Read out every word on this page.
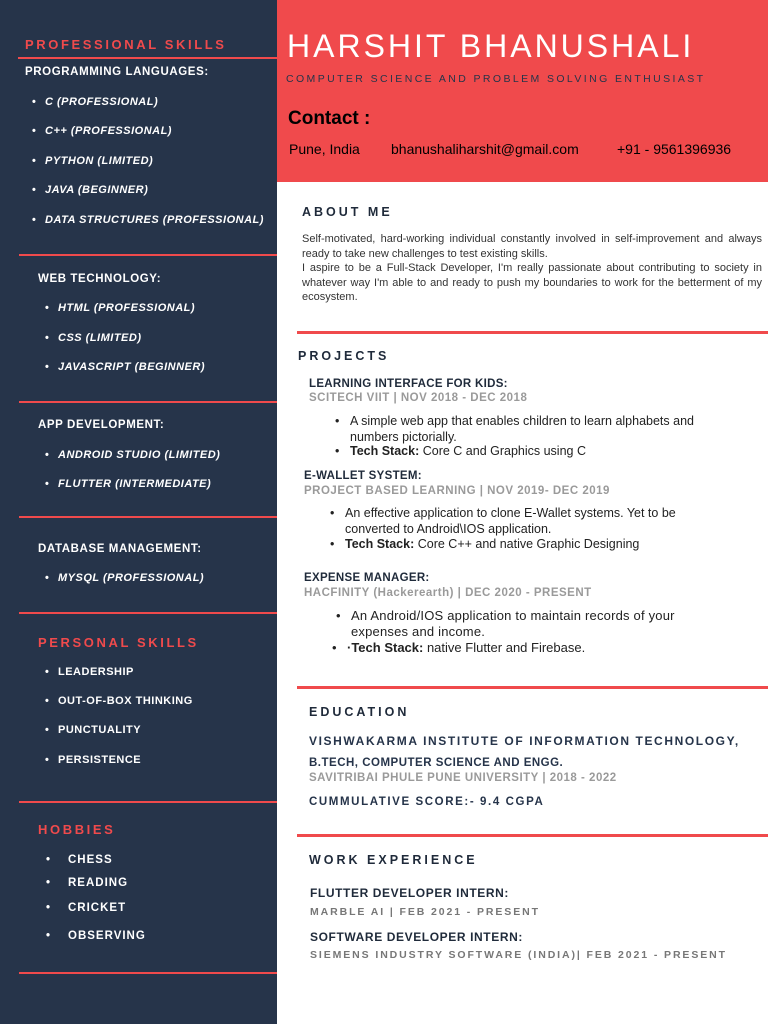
PROFESSIONAL SKILLS
PROGRAMMING LANGUAGES:
• C (PROFESSIONAL)
• C++ (PROFESSIONAL)
• PYTHON (LIMITED)
• JAVA (BEGINNER)
• DATA STRUCTURES (PROFESSIONAL)
WEB TECHNOLOGY:
• HTML (PROFESSIONAL)
• CSS (LIMITED)
• JAVASCRIPT (BEGINNER)
APP DEVELOPMENT:
• ANDROID STUDIO (LIMITED)
• FLUTTER (INTERMEDIATE)
DATABASE MANAGEMENT:
• MYSQL (PROFESSIONAL)
PERSONAL SKILLS
• LEADERSHIP
• OUT-OF-BOX THINKING
• PUNCTUALITY
• PERSISTENCE
HOBBIES
• CHESS
• READING
• CRICKET
• OBSERVING
HARSHIT BHANUSHALI
COMPUTER SCIENCE AND PROBLEM SOLVING ENTHUSIAST
Contact :
Pune, India bhanushaliharshit@gmail.com	+91 - 9561396936
ABOUT ME
Self-motivated, hard-working individual constantly involved in self-improvement and always ready to take new challenges to test existing skills.
I aspire to be a Full-Stack Developer, I'm really passionate about contributing to society in whatever way I'm able to and ready to push my boundaries to work for the betterment of my ecosystem.
PROJECTS
LEARNING INTERFACE FOR KIDS:
SCITECH VIIT | NOV 2018 - DEC 2018
• A simple web app that enables children to learn alphabets and numbers pictorially.
• Tech Stack: Core C and Graphics using C
E-WALLET SYSTEM:
PROJECT BASED LEARNING | NOV 2019- DEC 2019
• An effective application to clone E-Wallet systems. Yet to be converted to Android\IOS application.
• Tech Stack: Core C++ and native Graphic Designing
EXPENSE MANAGER:
HACFINITY (Hackerearth) | DEC 2020 - PRESENT
• An Android/IOS application to maintain records of your expenses and income.
• ·Tech Stack: native Flutter and Firebase.
EDUCATION
VISHWAKARMA INSTITUTE OF INFORMATION TECHNOLOGY,
B.TECH, COMPUTER SCIENCE AND ENGG.
SAVITRIBAI PHULE PUNE UNIVERSITY | 2018 - 2022
CUMMULATIVE SCORE:- 9.4 CGPA
WORK EXPERIENCE
FLUTTER DEVELOPER INTERN:
MARBLE AI | FEB 2021 - PRESENT
SOFTWARE DEVELOPER INTERN:
SIEMENS INDUSTRY SOFTWARE (INDIA)| FEB 2021 - PRESENT
